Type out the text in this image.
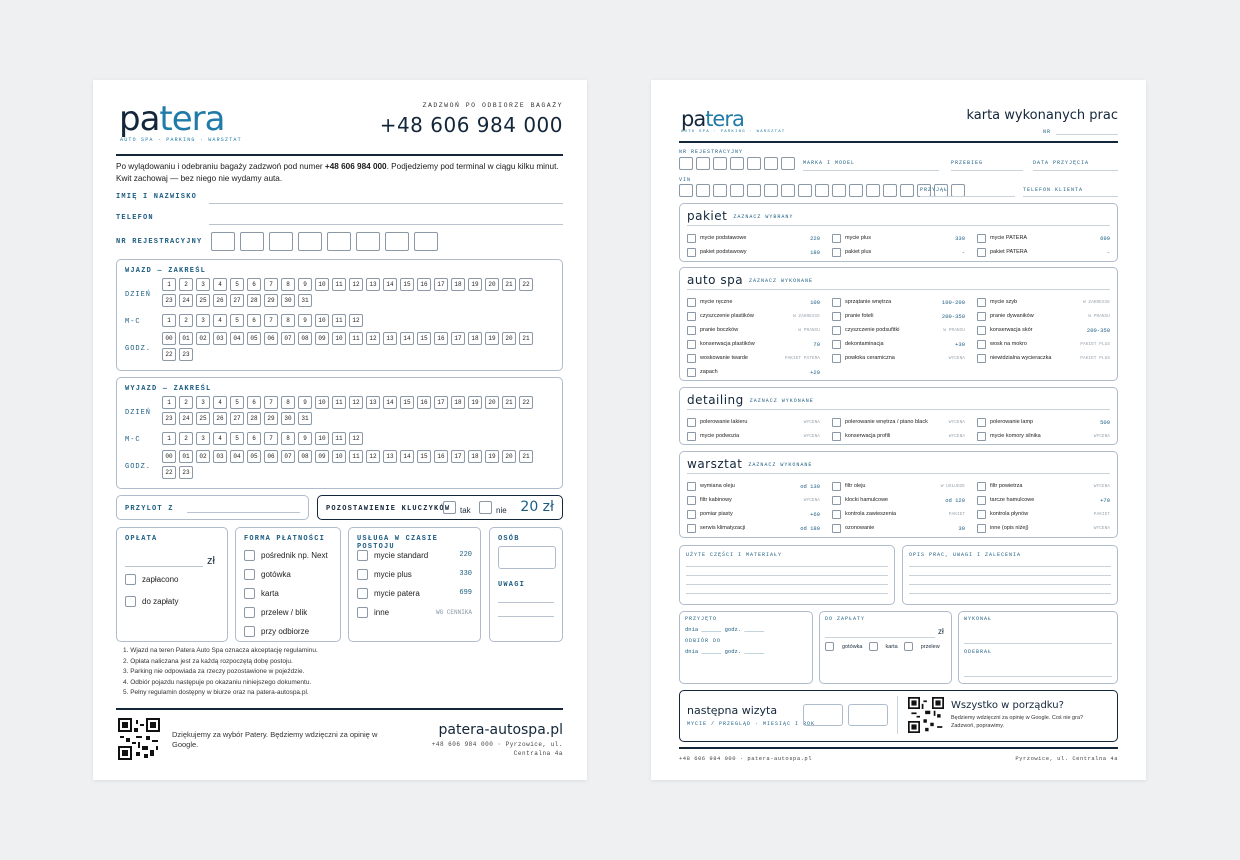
patera
AUTO SPA · PARKING · WARSZTAT
ZADZWOŃ PO ODBIORZE BAGAŻY
+48 606 984 000
Po wylądowaniu i odebraniu bagaży zadzwoń pod numer +48 606 984 000. Podjedziemy pod terminal w ciągu kilku minut. Kwit zachowaj — bez niego nie wydamy auta.
IMIĘ I NAZWISKO
TELEFON
NR REJESTRACYJNY
WJAZD — ZAKREŚL
DZIEŃ
1	2	3	4	5	6	7	8	9	10	11	12	13	14	15	16	17	18	19	20	21	22
23	24	25	26	27	28	29	30	31
M-C	1	2	3	4	5	6	7	8	9	10	11	12
GODZ.
00	01	02	03	04	05	06	07	08	09	10	11	12	13	14	15	16	17	18	19	20	21
22	23
WYJAZD — ZAKREŚL
DZIEŃ
1	2	3	4	5	6	7	8	9	10	11	12	13	14	15	16	17	18	19	20	21	22
23	24	25	26	27	28	29	30	31
M-C	1	2	3	4	5	6	7	8	9	10	11	12
GODZ.
00	01	02	03	04	05	06	07	08	09	10	11	12	13	14	15	16	17	18	19	20	21
22	23
PRZYLOT Z	POZOSTAWIENIE KLUCZYKÓW tak	nie 20 zł
OPŁATA
zł
zapłacono
do zapłaty
FORMA PŁATNOŚCI
pośrednik np. Next
gotówka
karta
przelew / blik
przy odbiorze
USŁUGA W CZASIE POSTOJU
mycie standard	220
mycie plus	330
mycie patera	699
inne	WG CENNIKA
OSÓB
UWAGI
1. Wjazd na teren Patera Auto Spa oznacza akceptację regulaminu.
2. Opłata naliczana jest za każdą rozpoczętą dobę postoju.
3. Parking nie odpowiada za rzeczy pozostawione w pojeździe.
4. Odbiór pojazdu następuje po okazaniu niniejszego dokumentu.
5. Pełny regulamin dostępny w biurze oraz na patera-autospa.pl.
Dziękujemy za wybór Patery. Będziemy wdzięczni za opinię w Google.
patera-autospa.pl
+48 606 984 000 · Pyrzowice, ul. Centralna 4a
patera
AUTO SPA · PARKING · WARSZTAT
karta wykonanych prac
NR
NR REJESTRACYJNY
MARKA I MODEL	PRZEBIEG	DATA PRZYJĘCIA
VIN
PRZYJĄŁ	TELEFON KLIENTA
pakiet ZAZNACZ WYBRANY
mycie podstawowe	220	mycie plus	330	mycie PATERA	699
pakiet podstawowy	180	pakiet plus	-	pakiet PATERA	-
auto spa ZAZNACZ WYKONANE
mycie ręczne	100	sprzątanie wnętrza	100-200	mycie szyb	W ZAKRESIE
czyszczenie plastików	W ZAKRESIE	pranie foteli	200-350	pranie dywaników	W PRANIU
pranie boczków	W PRANIU	czyszczenie podsufitki	W PRANIU	konserwacja skór	200-350
konserwacja plastików	70	dekontaminacja	+30	wosk na mokro	PAKIET PLUS
woskowanie twarde	PAKIET PATERA	powłoka ceramiczna	WYCENA	niewidzialna wycieraczka	PAKIET PLUS
zapach	+20
detailing ZAZNACZ WYKONANE
polerowanie lakieru	WYCENA	polerowanie wnętrza / piano black	WYCENA	polerowanie lamp	500
mycie podwozia	WYCENA	konserwacja profili	WYCENA	mycie komory silnika	WYCENA
warsztat ZAZNACZ WYKONANE
wymiana oleju	od 130	filtr oleju	W USŁUDZE	filtr powietrza	WYCENA
filtr kabinowy	WYCENA	klocki hamulcowe	od 120	tarcze hamulcowe	+70
pomiar piasty	+60	kontrola zawieszenia	PAKIET	kontrola płynów	PAKIET
serwis klimatyzacji	od 180	ozonowanie	30	inne (opis niżej)	WYCENA
UŻYTE CZĘŚCI I MATERIAŁY	OPIS PRAC, UWAGI I ZALECENIA
PRZYJĘTO
dnia ______ godz. ______
ODBIÓR DO
dnia ______ godz. ______
DO ZAPŁATY
zł
gotówka	karta	przelew
WYKONAŁ
ODEBRAŁ
następna wizyta
MYCIE / PRZEGLĄD · MIESIĄC I ROK
Wszystko w porządku?
Będziemy wdzięczni za opinię w Google. Coś nie gra? Zadzwoń, poprawimy.
+48 606 984 000 · patera-autospa.pl	Pyrzowice, ul. Centralna 4a
